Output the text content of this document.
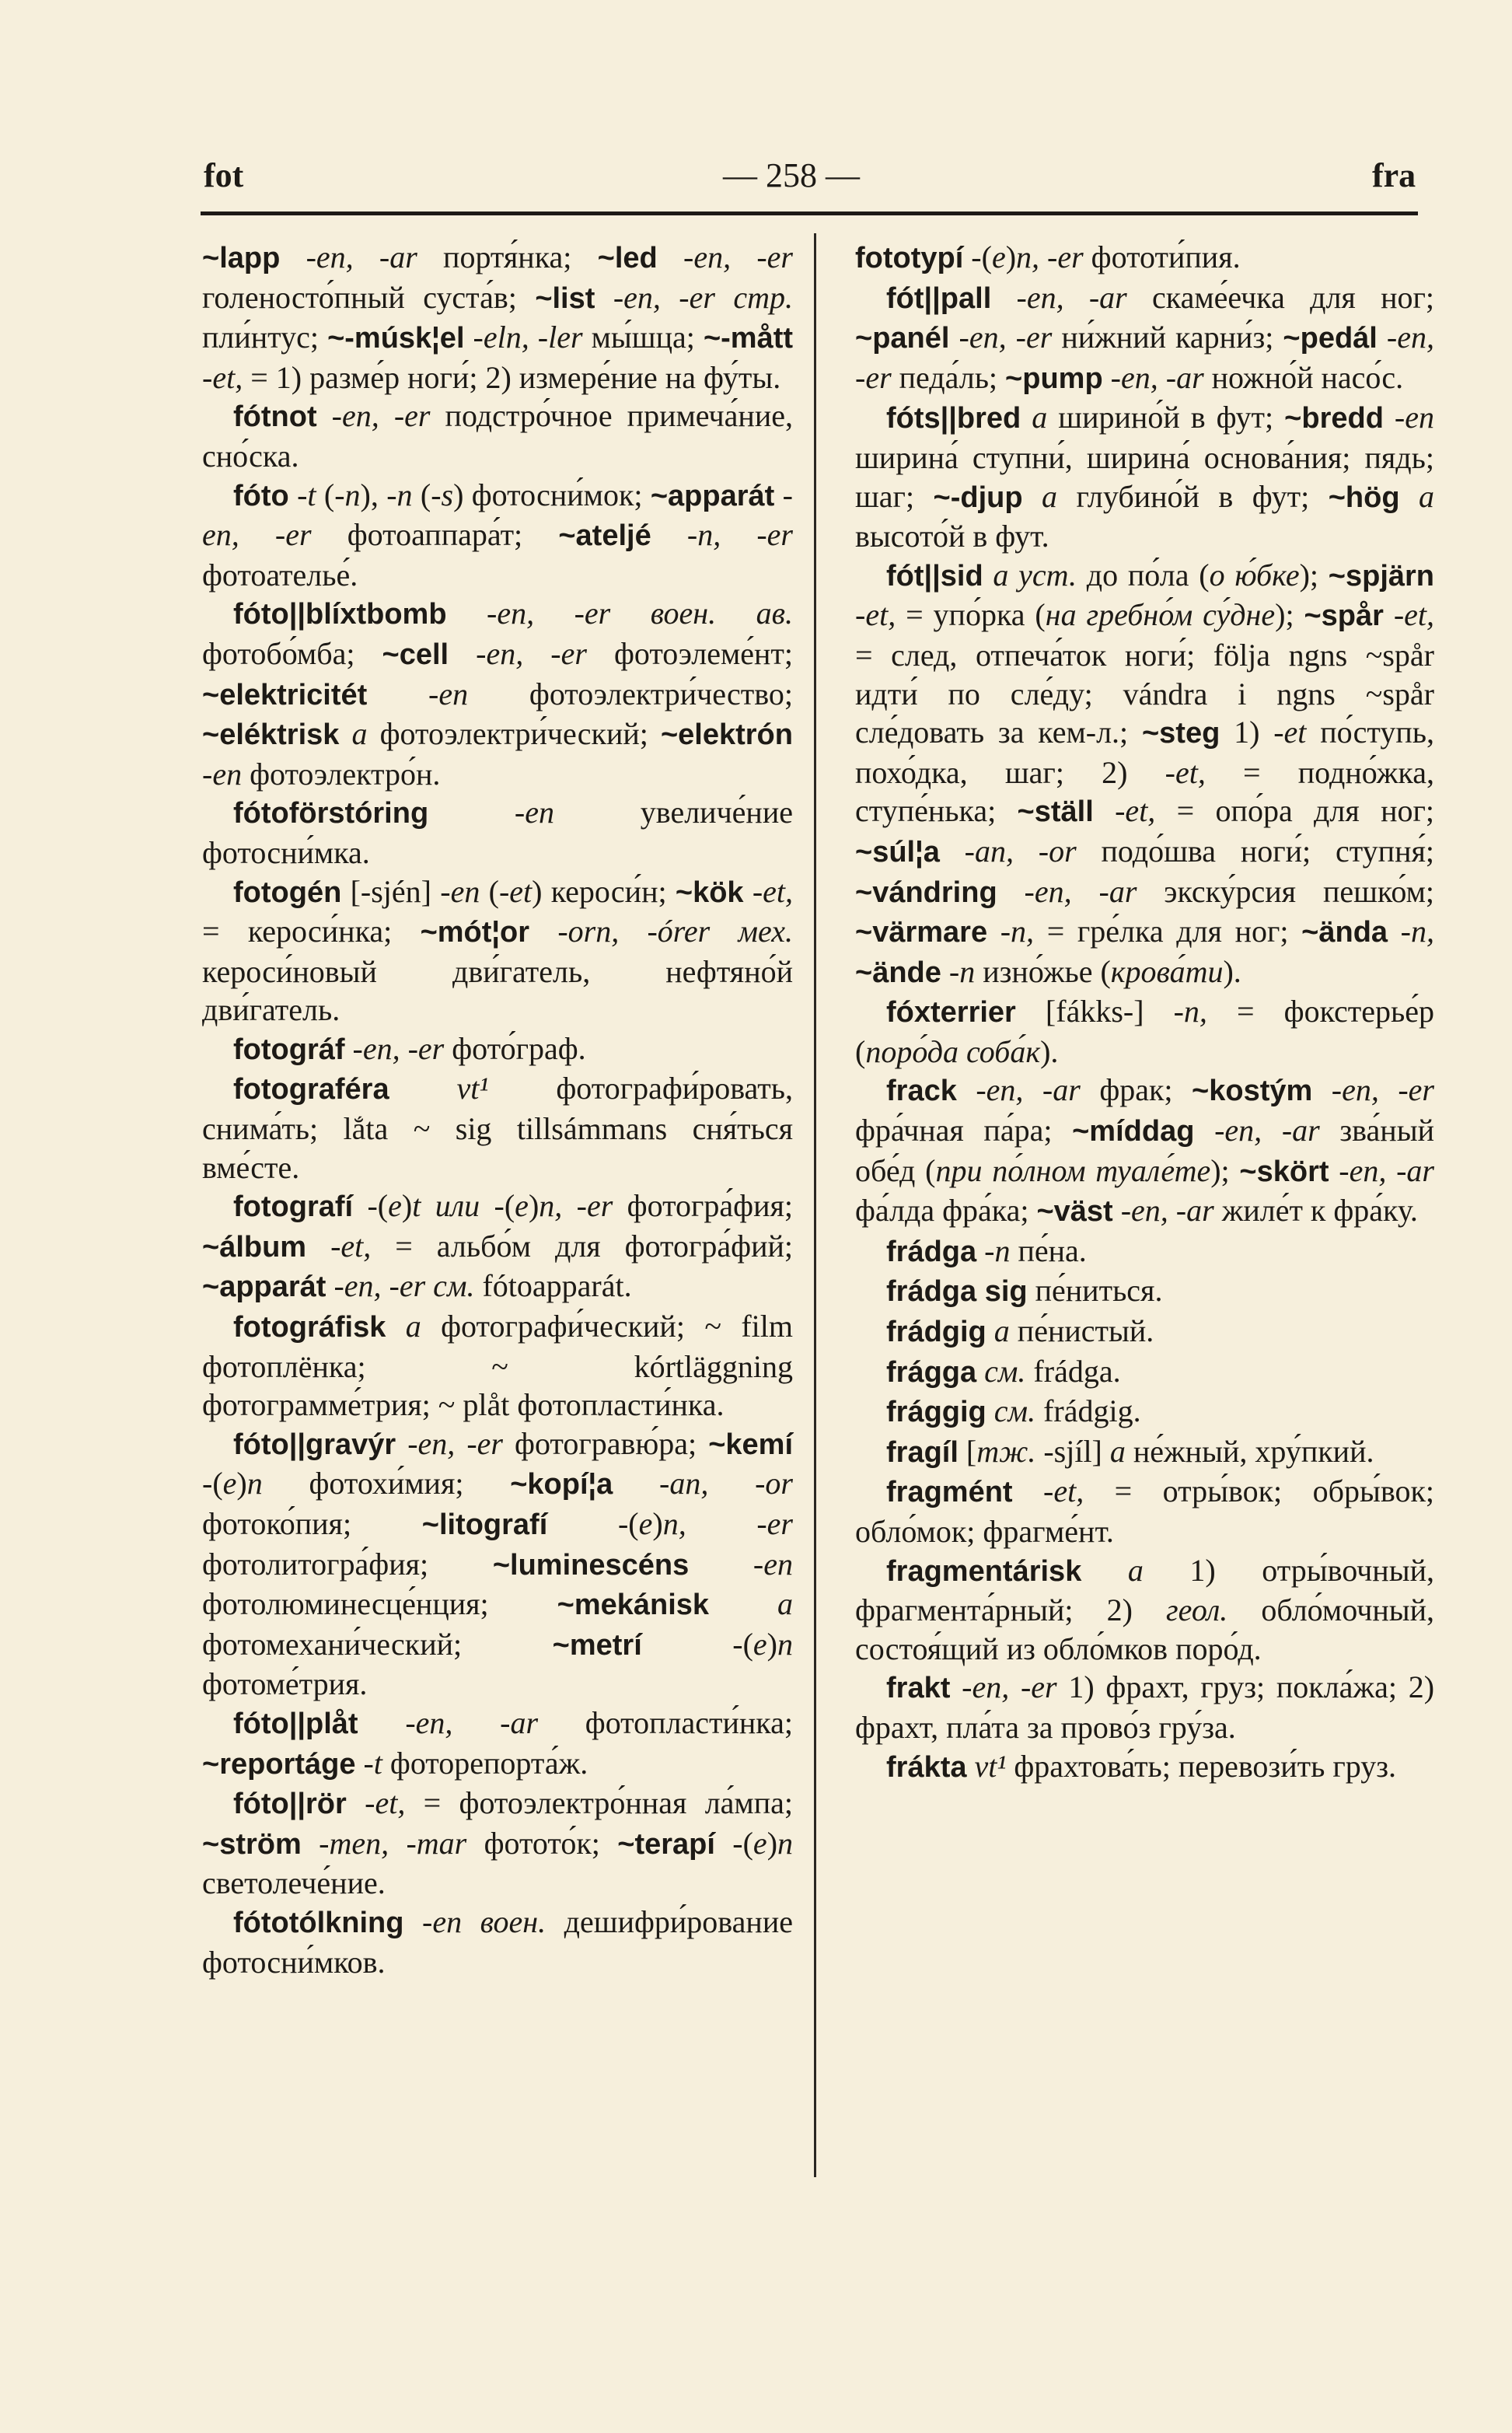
fot	— 258 —	fra

~lapp -en, -ar портя́нка; ~led -en, -er голеносто́пный суста́в; ~list -en, -er стр. пли́нтус; ~-músk¦el -eln, -ler мы́шца; ~-mått -et, = 1) разме́р ноги́; 2) измере́ние на фу́ты.

fótnot -en, -er подстро́чное примеча́ние, сно́ска.

fóto -t (-n), -n (-s) фотосни́мок; ~apparát -en, -er фотоаппара́т; ~ateljé -n, -er фотоателье́.

fóto||blíxtbomb -en, -er воен. ав. фотобо́мба; ~cell -en, -er фотоэлеме́нт; ~elektricitét -en фотоэлектри́чество; ~eléktrisk a фотоэлектри́ческий; ~elektrón -en фотоэлектро́н.

fótoförstóring -en увеличе́ние фотосни́мка.

fotogén [-sjén] -en (-et) кероси́н; ~kök -et, = кероси́нка; ~mót¦or -orn, -órer мех. кероси́новый дви́гатель, нефтяно́й дви́гатель.

fotográf -en, -er фото́граф.

fotograféra vt¹ фотографи́ровать, снима́ть; lắta ~ sig tillsámmans сня́ться вме́сте.

fotografí -(e)t или -(e)n, -er фотогра́фия; ~álbum -et, = альбо́м для фотогра́фий; ~apparát -en, -er см. fótoapparát.

fotográfisk a фотографи́ческий; ~ film фотоплёнка; ~ kórtläggning фотограмме́трия; ~ plåt фотопласти́нка.

fóto||gravýr -en, -er фотогравю́ра; ~kemí -(e)n фотохи́мия; ~kopí¦a -an, -or фотоко́пия; ~litografí -(e)n, -er фотолитогра́фия; ~luminescéns -en фотолюминесце́нция; ~mekánisk a фотомехани́ческий; ~metrí -(e)n фотоме́трия.

fóto||plåt -en, -ar фотопласти́нка; ~reportáge -t фоторепорта́ж.

fóto||rör -et, = фотоэлектро́нная ла́мпа; ~ström -men, -mar фотото́к; ~terapí -(e)n светолече́ние.

fótotólkning -en воен. дешифри́рование фотосни́мков.

fototypí -(e)n, -er фототи́пия.

fót||pall -en, -ar скаме́ечка для ног; ~panél -en, -er ни́жний карни́з; ~pedál -en, -er педа́ль; ~pump -en, -ar ножно́й насо́с.

fóts||bred a ширино́й в фут; ~bredd -en ширина́ ступни́, ширина́ основа́ния; пядь; шаг; ~-djup a глубино́й в фут; ~hög a высото́й в фут.

fót||sid a уст. до по́ла (о ю́бке); ~spjärn -et, = упо́рка (на гребно́м су́дне); ~spår -et, = след, отпеча́ток ноги́; följa ngns ~spår идти́ по сле́ду; vándra i ngns ~spår сле́довать за кем-л.; ~steg 1) -et по́ступь, похо́дка, шаг; 2) -et, = подно́жка, ступе́нька; ~ställ -et, = опо́ра для ног; ~súl¦a -an, -or подо́шва ноги́; ступня́; ~vándring -en, -ar экску́рсия пешко́м; ~värmare -n, = гре́лка для ног; ~ända -n, ~ände -n изно́жье (крова́ти).

fóxterrier [fákks-] -n, = фокстерье́р (поро́да соба́к).

frack -en, -ar фрак; ~kostým -en, -er фра́чная па́ра; ~míddag -en, -ar зва́ный обе́д (при по́лном туале́те); ~skört -en, -ar фа́лда фра́ка; ~väst -en, -ar жиле́т к фра́ку.

frádga -n пе́на.

frádga sig пе́ниться.

frádgig a пе́нистый.

frágga см. frádga.

frággig см. frádgig.

fragíl [тж. -sjíl] a не́жный, хру́пкий.

fragmént -et, = отры́вок; обры́вок; обло́мок; фрагме́нт.

fragmentárisk a 1) отры́вочный, фрагмента́рный; 2) геол. обло́мочный, состоя́щий из обло́мков поро́д.

frakt -en, -er 1) фрахт, груз; покла́жа; 2) фрахт, пла́та за прово́з гру́за.

frákta vt¹ фрахтова́ть; перевози́ть груз.
